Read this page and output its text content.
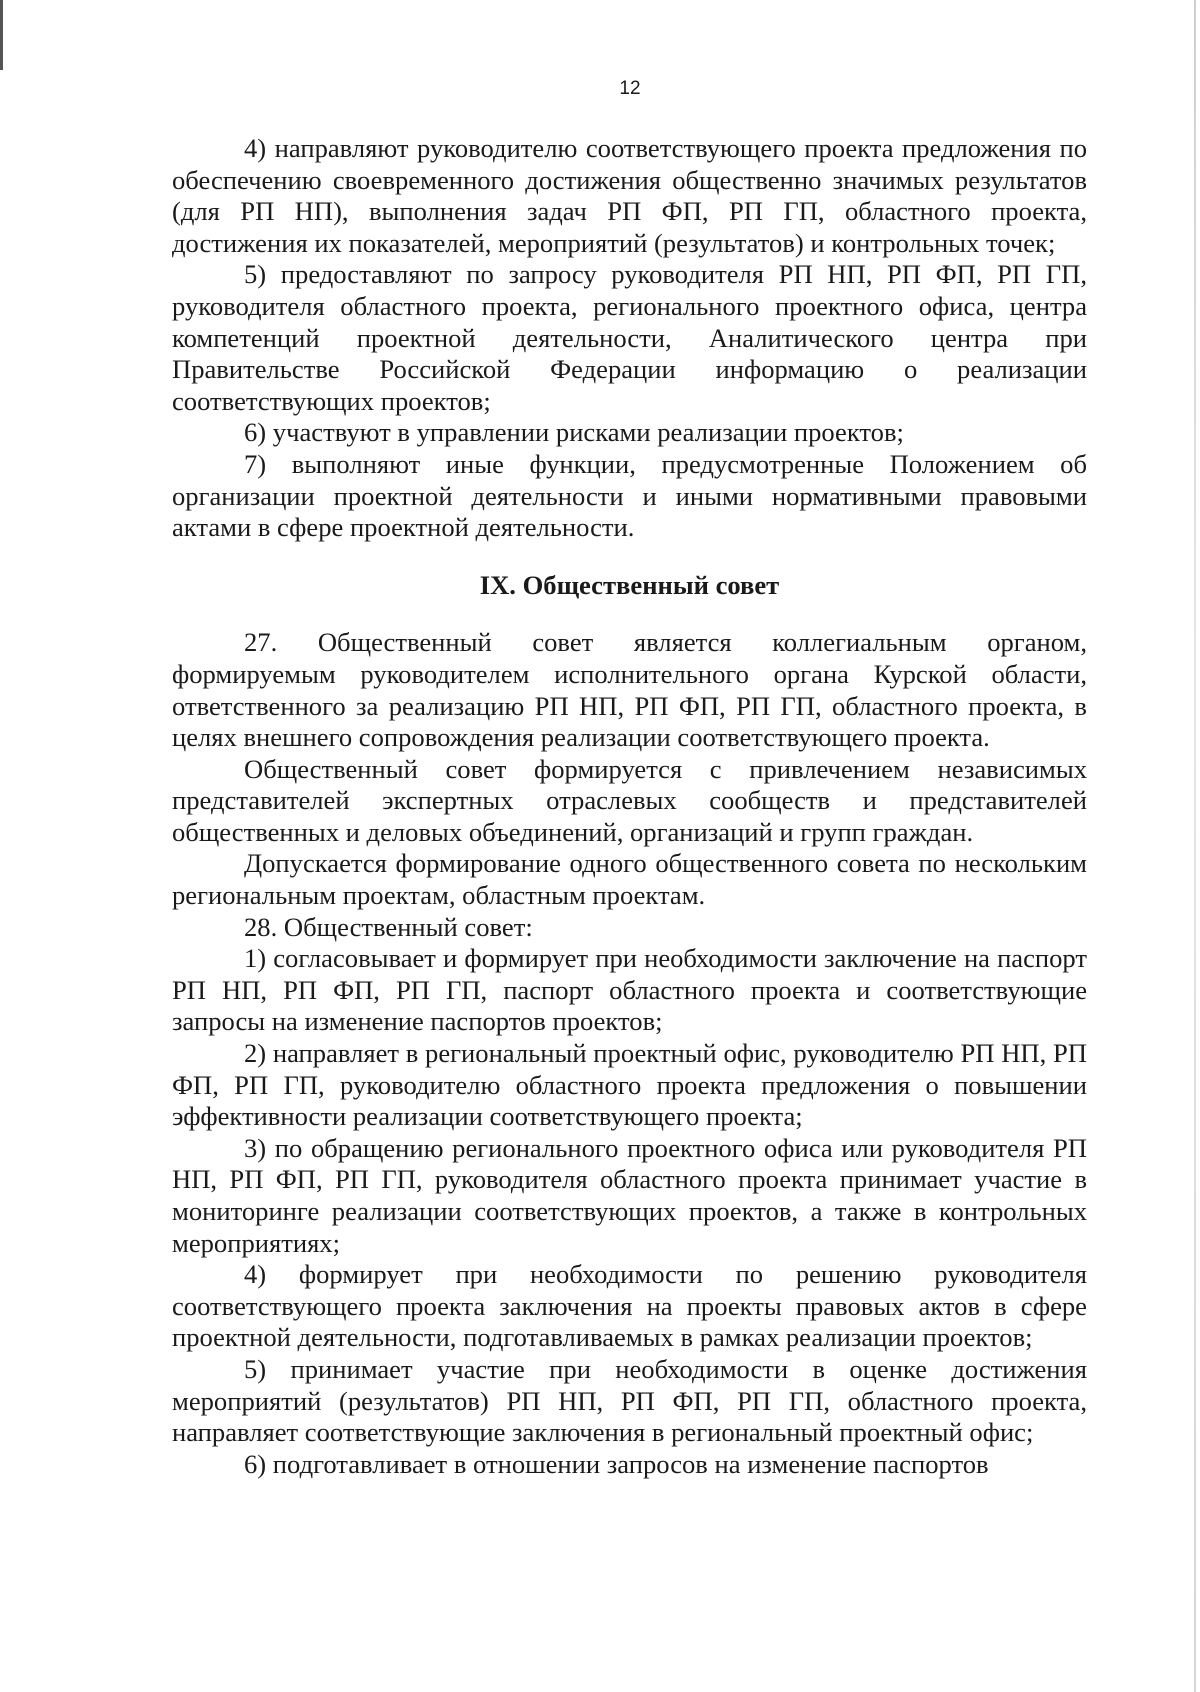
12

4) направляют руководителю соответствующего проекта предложения по обеспечению своевременного достижения общественно значимых результатов (для РП НП), выполнения задач РП ФП, РП ГП, областного проекта, достижения их показателей, мероприятий (результатов) и контрольных точек;

5) предоставляют по запросу руководителя РП НП, РП ФП, РП ГП, руководителя областного проекта, регионального проектного офиса, центра компетенций проектной деятельности, Аналитического центра при Правительстве Российской Федерации информацию о реализации соответствующих проектов;

6) участвуют в управлении рисками реализации проектов;

7) выполняют иные функции, предусмотренные Положением об организации проектной деятельности и иными нормативными правовыми актами в сфере проектной деятельности.

IX. Общественный совет

27. Общественный совет является коллегиальным органом, формируемым руководителем исполнительного органа Курской области, ответственного за реализацию РП НП, РП ФП, РП ГП, областного проекта, в целях внешнего сопровождения реализации соответствующего проекта.

Общественный совет формируется с привлечением независимых представителей экспертных отраслевых сообществ и представителей общественных и деловых объединений, организаций и групп граждан.

Допускается формирование одного общественного совета по нескольким региональным проектам, областным проектам.

28. Общественный совет:

1) согласовывает и формирует при необходимости заключение на паспорт РП НП, РП ФП, РП ГП, паспорт областного проекта и соответствующие запросы на изменение паспортов проектов;

2) направляет в региональный проектный офис, руководителю РП НП, РП ФП, РП ГП, руководителю областного проекта предложения о повышении эффективности реализации соответствующего проекта;

3) по обращению регионального проектного офиса или руководителя РП НП, РП ФП, РП ГП, руководителя областного проекта принимает участие в мониторинге реализации соответствующих проектов, а также в контрольных мероприятиях;

4) формирует при необходимости по решению руководителя соответствующего проекта заключения на проекты правовых актов в сфере проектной деятельности, подготавливаемых в рамках реализации проектов;

5) принимает участие при необходимости в оценке достижения мероприятий (результатов) РП НП, РП ФП, РП ГП, областного проекта, направляет соответствующие заключения в региональный проектный офис;

6) подготавливает в отношении запросов на изменение паспортов
